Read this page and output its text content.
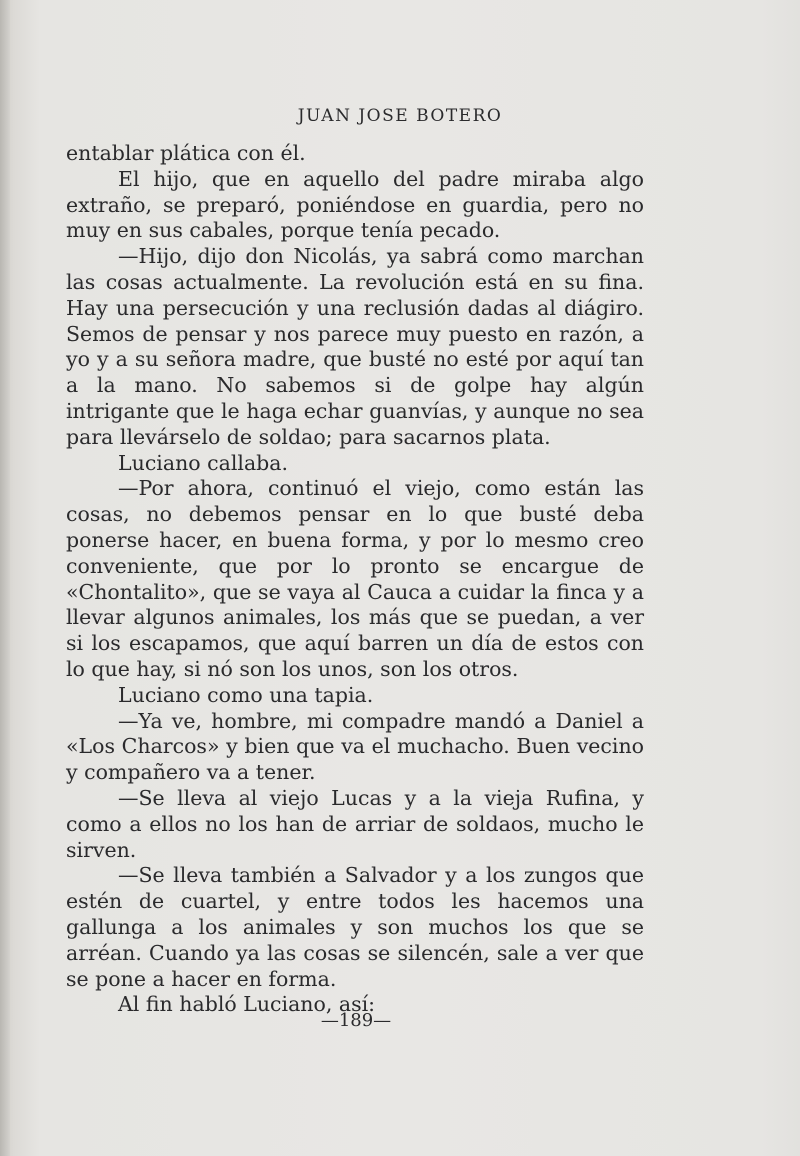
JUAN JOSE BOTERO

entablar plática con él.

El hijo, que en aquello del padre miraba algo extraño, se preparó, poniéndose en guardia, pero no muy en sus cabales, porque tenía pecado.

—Hijo, dijo don Nicolás, ya sabrá como marchan las cosas actualmente. La revolución está en su fina. Hay una persecución y una reclusión dadas al diágiro. Semos de pensar y nos parece muy puesto en razón, a yo y a su señora madre, que busté no esté por aquí tan a la mano. No sabemos si de golpe hay algún intrigante que le haga echar guanvías, y aunque no sea para llevárselo de soldao; para sacarnos plata.

Luciano callaba.

—Por ahora, continuó el viejo, como están las cosas, no debemos pensar en lo que busté deba ponerse hacer, en buena forma, y por lo mesmo creo conveniente, que por lo pronto se encargue de «Chontalito», que se vaya al Cauca a cuidar la finca y a llevar algunos animales, los más que se puedan, a ver si los escapamos, que aquí barren un día de estos con lo que hay, si nó son los unos, son los otros.

Luciano como una tapia.

—Ya ve, hombre, mi compadre mandó a Daniel a «Los Charcos» y bien que va el muchacho. Buen vecino y compañero va a tener.

—Se lleva al viejo Lucas y a la vieja Rufina, y como a ellos no los han de arriar de soldaos, mucho le sirven.

—Se lleva también a Salvador y a los zungos que estén de cuartel, y entre todos les hacemos una gallunga a los animales y son muchos los que se arréan. Cuando ya las cosas se silencén, sale a ver que se pone a hacer en forma.

Al fin habló Luciano, así:

—189—
